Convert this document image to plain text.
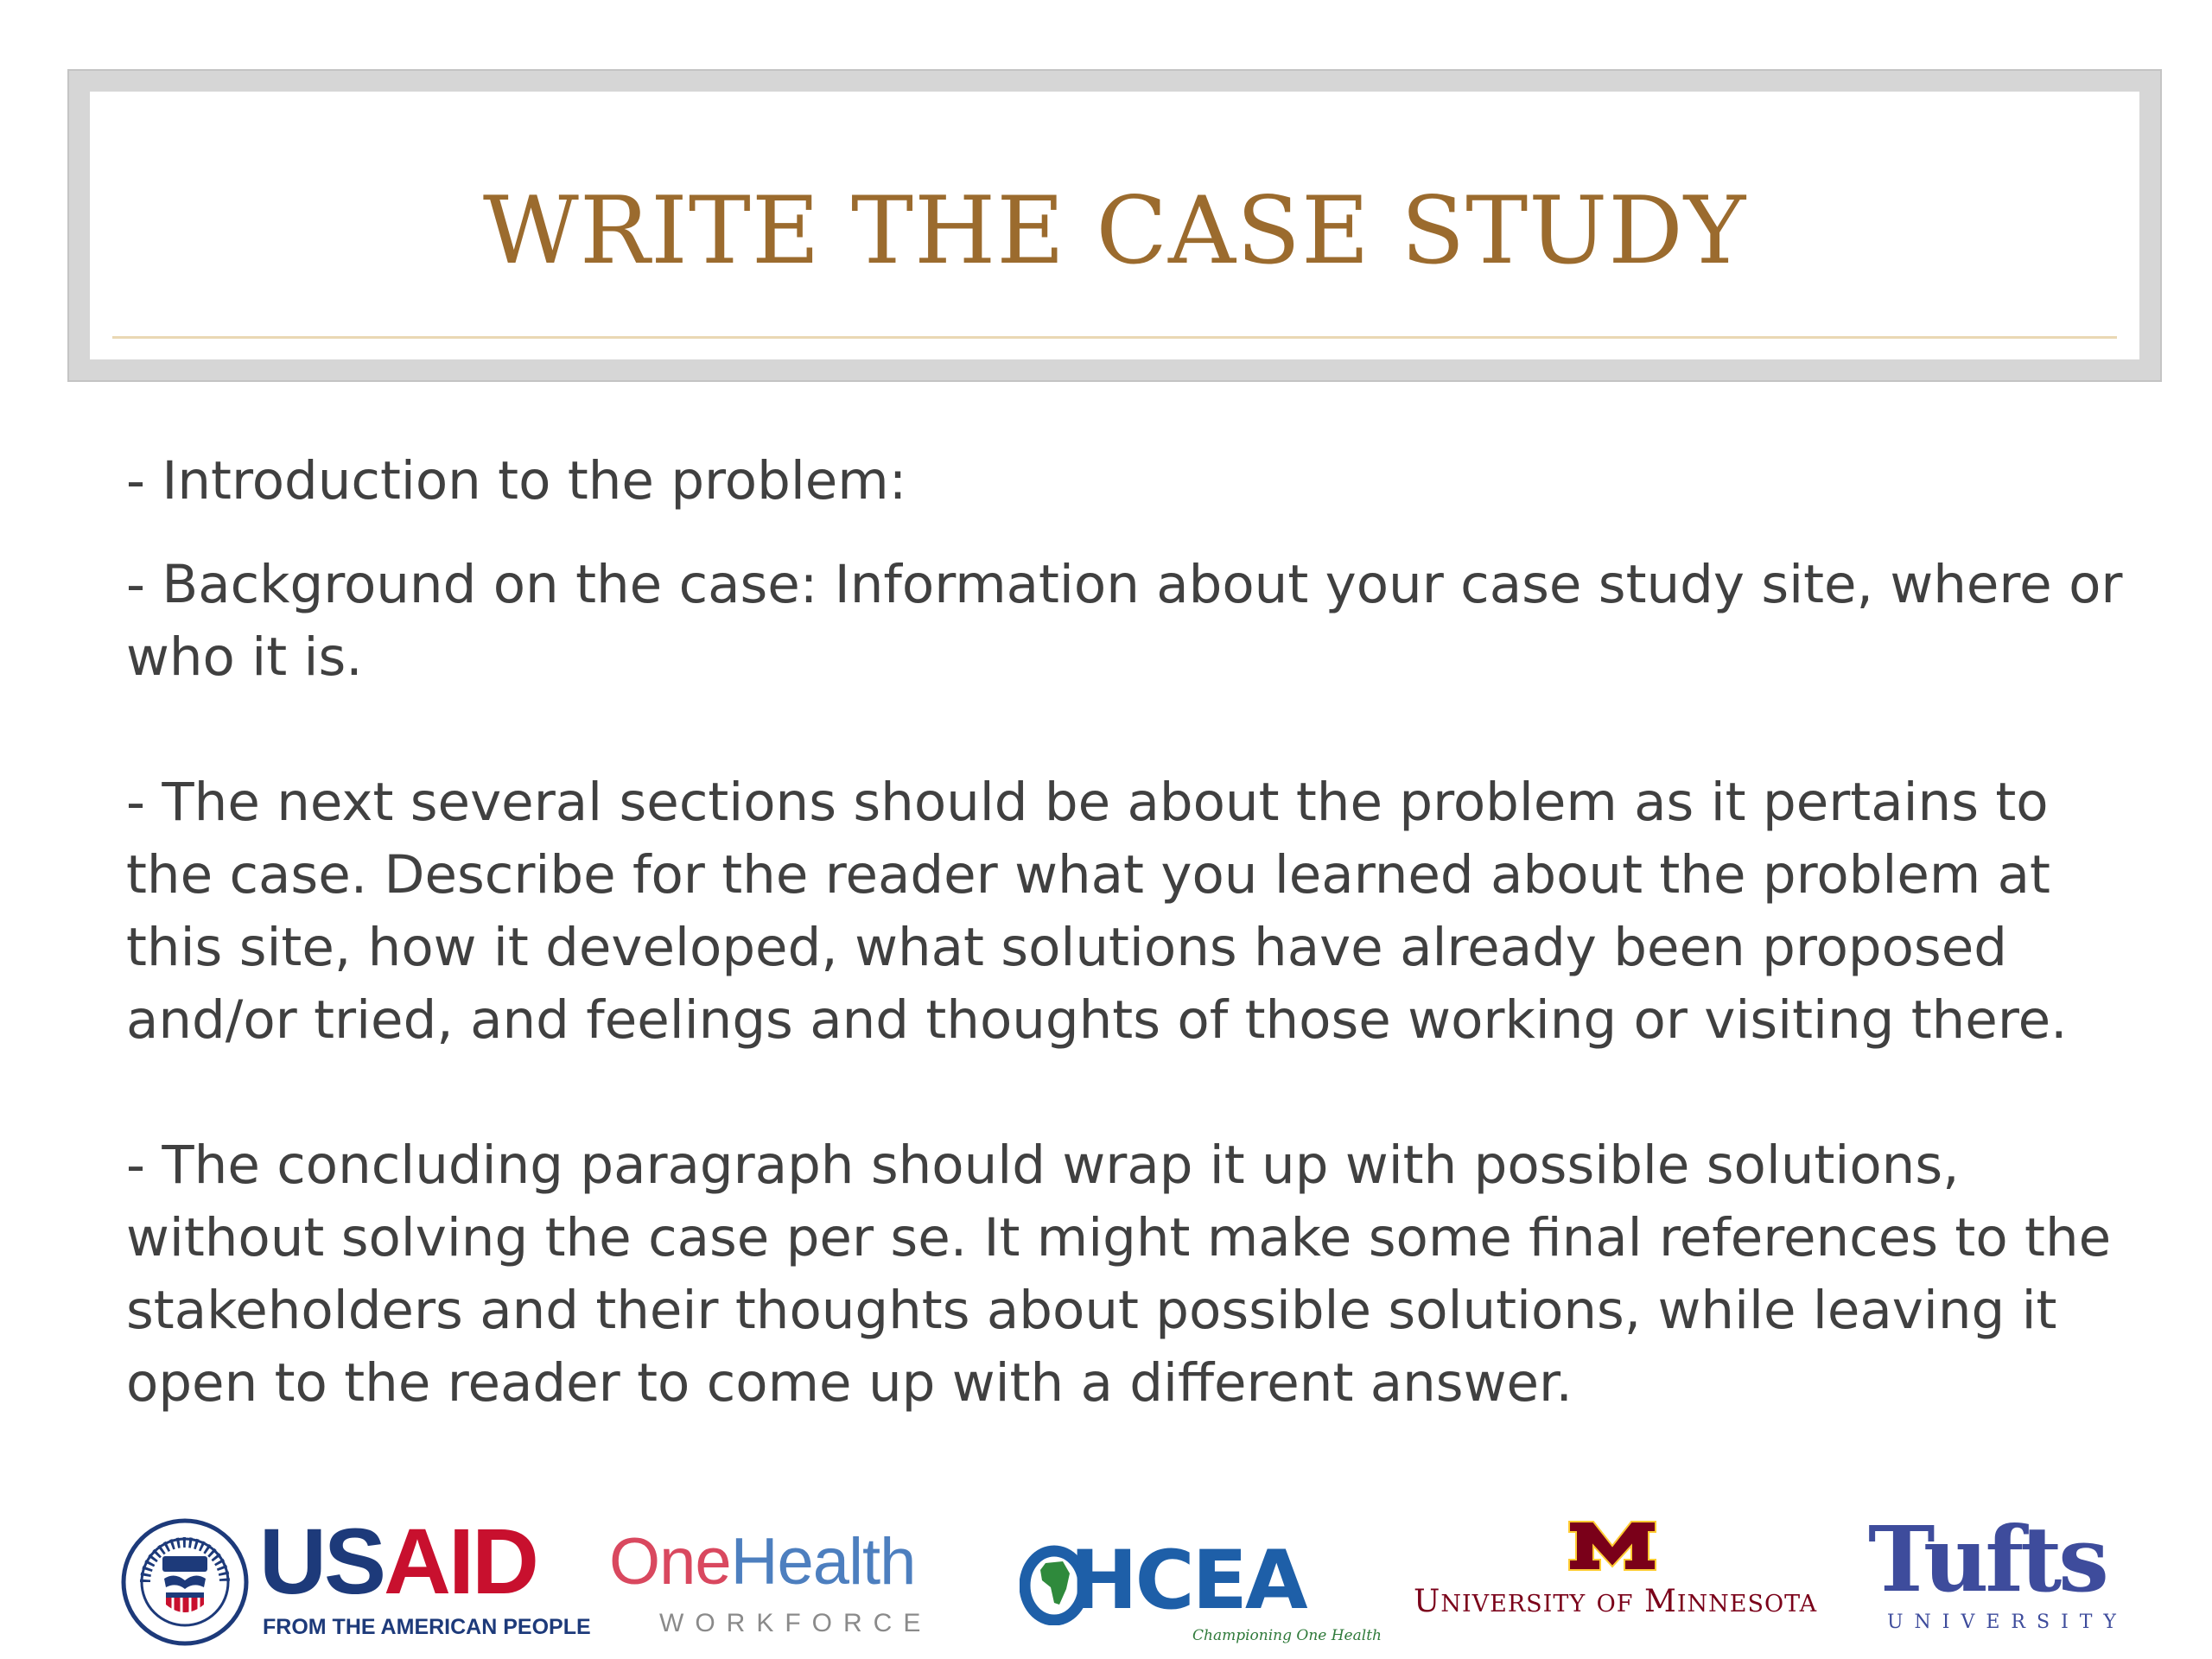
WRITE THE CASE STUDY

- Introduction to the problem:

- Background on the case: Information about your case study site, where or who it is.

- The next several sections should be about the problem as it pertains to the case. Describe for the reader what you learned about the problem at this site, how it developed, what solutions have already been proposed and/or tried, and feelings and thoughts of those working or visiting there.

- The concluding paragraph should wrap it up with possible solutions, without solving the case per se. It might make some final references to the stakeholders and their thoughts about possible solutions, while leaving it open to the reader to come up with a different answer.

USAID
FROM THE AMERICAN PEOPLE
OneHealth
WORKFORCE HCEA
Championing One Health
UNIVERSITY OF MINNESOTA Tufts
UNIVERSITY
